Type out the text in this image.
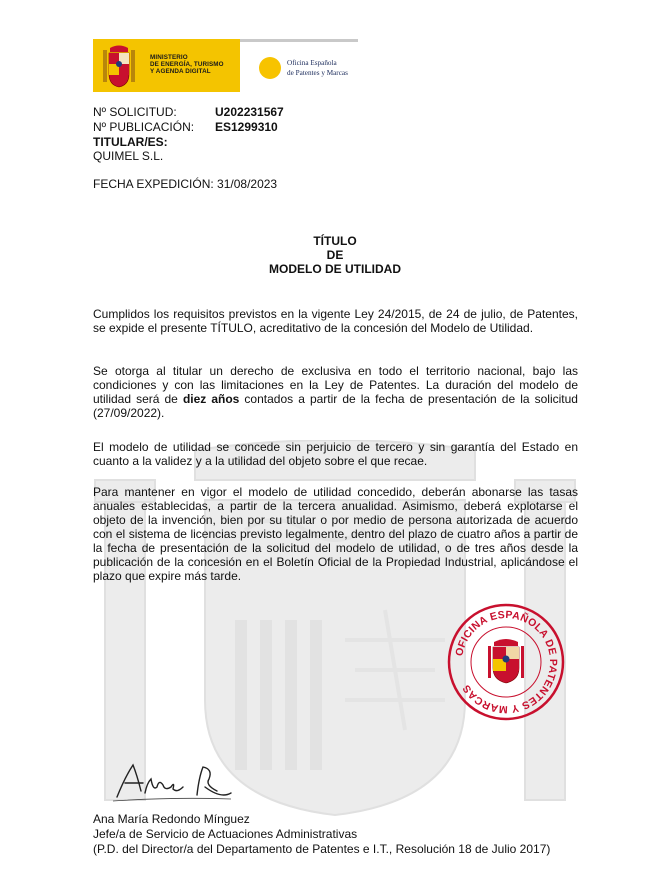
MINISTERIO
DE ENERGÍA, TURISMO
Y AGENDA DIGITAL
Oficina Española
de Patentes y Marcas
Nº SOLICITUD:	U202231567
Nº PUBLICACIÓN: ES1299310
TITULAR/ES:
QUIMEL S.L.
FECHA EXPEDICIÓN: 31/08/2023
TÍTULO
DE
MODELO DE UTILIDAD
Cumplidos los requisitos previstos en la vigente Ley 24/2015, de 24 de julio, de Patentes, se expide el presente TÍTULO, acreditativo de la concesión del Modelo de Utilidad.
Se otorga al titular un derecho de exclusiva en todo el territorio nacional, bajo las condiciones y con las limitaciones en la Ley de Patentes. La duración del modelo de utilidad será de diez años contados a partir de la fecha de presentación de la solicitud (27/09/2022).
El modelo de utilidad se concede sin perjuicio de tercero y sin garantía del Estado en cuanto a la validez y a la utilidad del objeto sobre el que recae.
Para mantener en vigor el modelo de utilidad concedido, deberán abonarse las tasas anuales establecidas, a partir de la tercera anualidad. Asimismo, deberá explotarse el objeto de la invención, bien por su titular o por medio de persona autorizada de acuerdo con el sistema de licencias previsto legalmente, dentro del plazo de cuatro años a partir de la fecha de presentación de la solicitud del modelo de utilidad, o de tres años desde la publicación de la concesión en el Boletín Oficial de la Propiedad Industrial, aplicándose el plazo que expire más tarde.
OFICINA ESPAÑOLA DE PATENTES Y MARCAS
Ana R.
Ana María Redondo Mínguez
Jefe/a de Servicio de Actuaciones Administrativas
(P.D. del Director/a del Departamento de Patentes e I.T., Resolución 18 de Julio 2017)
